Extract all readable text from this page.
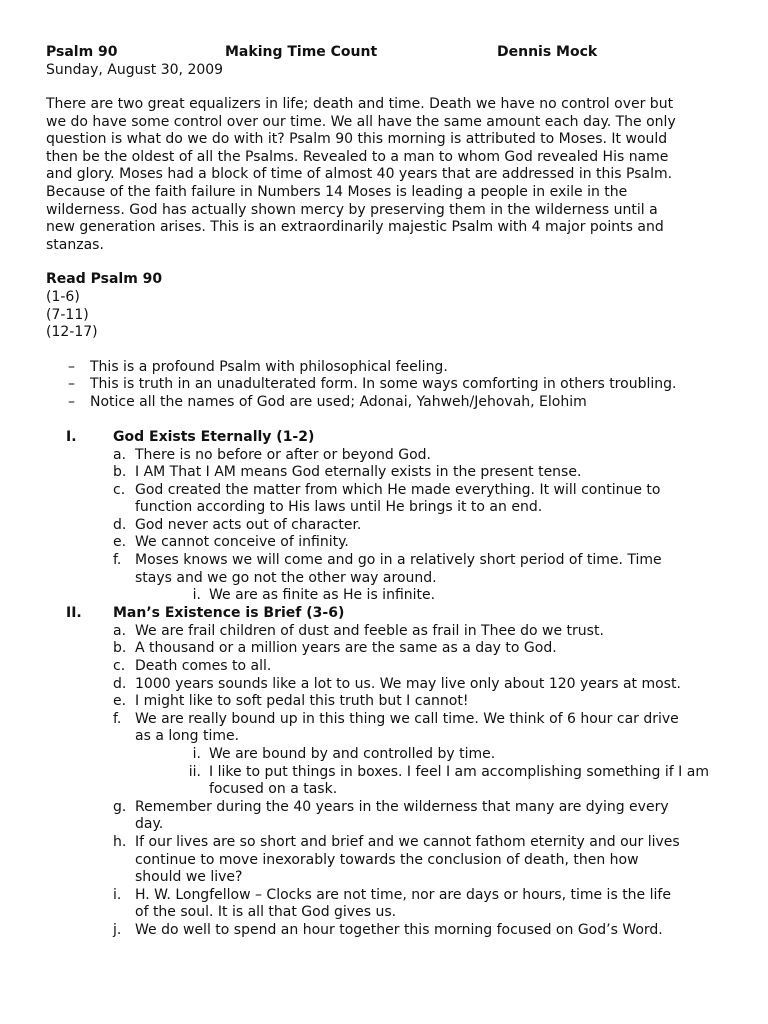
Psalm 90	Making Time Count	Dennis Mock
Sunday, August 30, 2009
There are two great equalizers in life; death and time. Death we have no control over but
we do have some control over our time. We all have the same amount each day. The only
question is what do we do with it? Psalm 90 this morning is attributed to Moses. It would
then be the oldest of all the Psalms. Revealed to a man to whom God revealed His name
and glory. Moses had a block of time of almost 40 years that are addressed in this Psalm.
Because of the faith failure in Numbers 14 Moses is leading a people in exile in the
wilderness. God has actually shown mercy by preserving them in the wilderness until a
new generation arises. This is an extraordinarily majestic Psalm with 4 major points and
stanzas.
Read Psalm 90
(1-6)
(7-11)
(12-17)
– This is a profound Psalm with philosophical feeling.
– This is truth in an unadulterated form. In some ways comforting in others troubling.
– Notice all the names of God are used; Adonai, Yahweh/Jehovah, Elohim
I.	God Exists Eternally (1-2)
a. There is no before or after or beyond God.
b. I AM That I AM means God eternally exists in the present tense.
c. God created the matter from which He made everything. It will continue to
function according to His laws until He brings it to an end.
d. God never acts out of character.
e. We cannot conceive of infinity.
f. Moses knows we will come and go in a relatively short period of time. Time
stays and we go not the other way around.
i. We are as finite as He is infinite.
II. Man’s Existence is Brief (3-6)
a. We are frail children of dust and feeble as frail in Thee do we trust.
b. A thousand or a million years are the same as a day to God.
c. Death comes to all.
d. 1000 years sounds like a lot to us. We may live only about 120 years at most.
e. I might like to soft pedal this truth but I cannot!
f. We are really bound up in this thing we call time. We think of 6 hour car drive
as a long time.
i. We are bound by and controlled by time.
ii. I like to put things in boxes. I feel I am accomplishing something if I am
focused on a task.
g. Remember during the 40 years in the wilderness that many are dying every
day.
h. If our lives are so short and brief and we cannot fathom eternity and our lives
continue to move inexorably towards the conclusion of death, then how
should we live?
i. H. W. Longfellow – Clocks are not time, nor are days or hours, time is the life
of the soul. It is all that God gives us.
j. We do well to spend an hour together this morning focused on God’s Word.
